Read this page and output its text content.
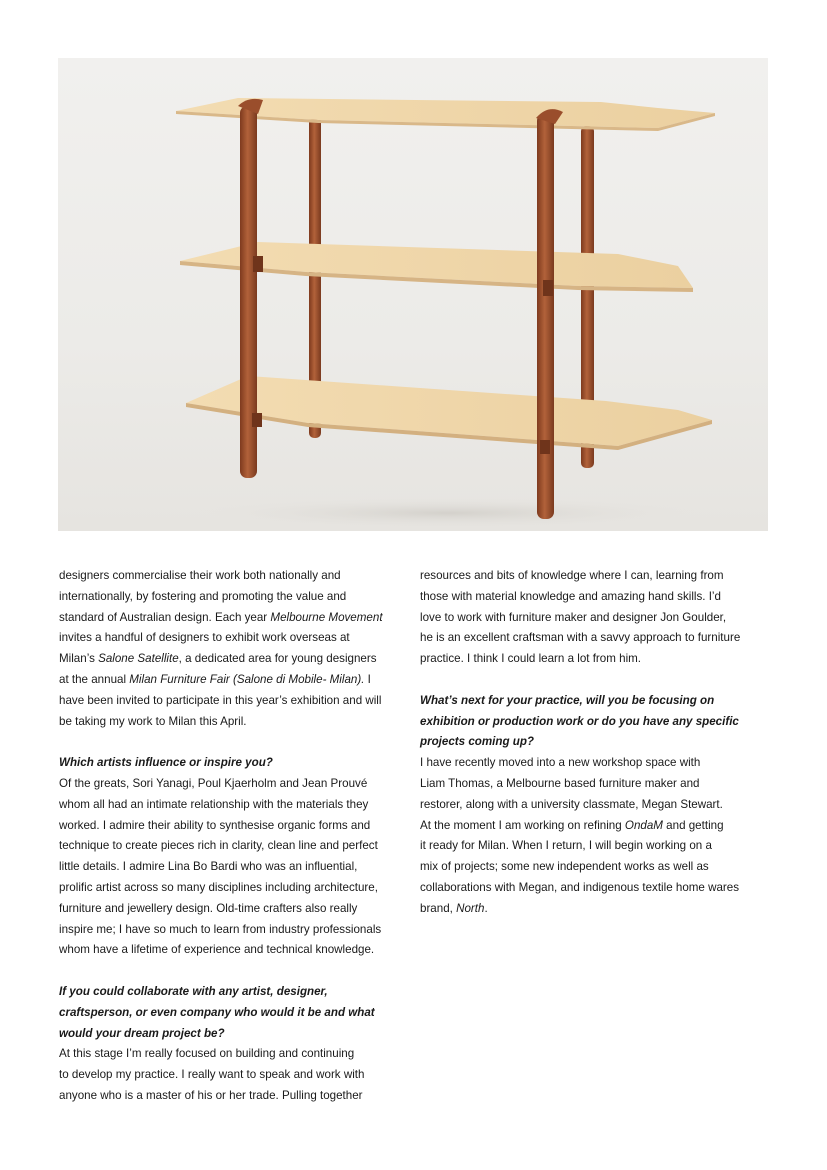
designers commercialise their work both nationally and
internationally, by fostering and promoting the value and
standard of Australian design. Each year Melbourne Movement
invites a handful of designers to exhibit work overseas at
Milan’s Salone Satellite, a dedicated area for young designers
at the annual Milan Furniture Fair (Salone di Mobile- Milan). I
have been invited to participate in this year’s exhibition and will
be taking my work to Milan this April.

Which artists influence or inspire you?

Of the greats, Sori Yanagi, Poul Kjaerholm and Jean Prouvé
whom all had an intimate relationship with the materials they
worked. I admire their ability to synthesise organic forms and
technique to create pieces rich in clarity, clean line and perfect
little details. I admire Lina Bo Bardi who was an influential,
prolific artist across so many disciplines including architecture,
furniture and jewellery design. Old-time crafters also really
inspire me; I have so much to learn from industry professionals
whom have a lifetime of experience and technical knowledge.

If you could collaborate with any artist, designer,
craftsperson, or even company who would it be and what
would your dream project be?

At this stage I’m really focused on building and continuing
to develop my practice. I really want to speak and work with
anyone who is a master of his or her trade. Pulling together

resources and bits of knowledge where I can, learning from
those with material knowledge and amazing hand skills. I’d
love to work with furniture maker and designer Jon Goulder,
he is an excellent craftsman with a savvy approach to furniture
practice. I think I could learn a lot from him.

What’s next for your practice, will you be focusing on
exhibition or production work or do you have any specific
projects coming up?

I have recently moved into a new workshop space with
Liam Thomas, a Melbourne based furniture maker and
restorer, along with a university classmate, Megan Stewart.
At the moment I am working on refining OndaM and getting
it ready for Milan. When I return, I will begin working on a
mix of projects; some new independent works as well as
collaborations with Megan, and indigenous textile home wares
brand, North.
